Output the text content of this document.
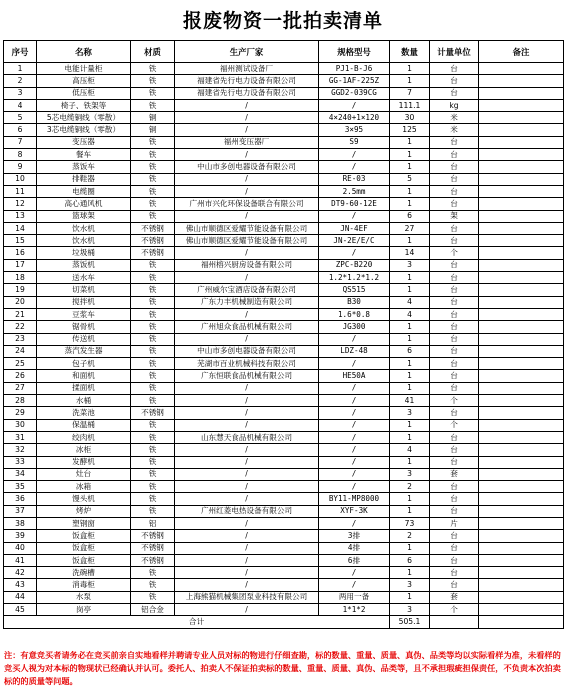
报废物资一批拍卖清单
序号	名称	材质	生产厂家	规格型号	数量	计量单位	备注
1	电能计量柜	铁	福州测试设备厂	PJ1-B-J6	1	台	
2	高压柜	铁	福建省先行电力设备有限公司	GG-1AF-225Z	1	台	
3	低压柜	铁	福建省先行电力设备有限公司	GGD2-039CG	7	台	
4	椅子、铁架等	铁	/	/	111.1	kg	
5	5芯电缆铜线（零散）	铜	/	4×240+1×120	30	米	
6	3芯电缆铜线（零散）	铜	/	3×95	125	米	
7	变压器	铁	福州变压器厂	S9	1	台	
8	餐车	铁	/	/	1	台	
9	蒸饭车	铁	中山市多创电器设备有限公司	/	1	台	
10	排鞋器	铁	/	RE-03	5	台	
11	电缆圈	铁	/	2.5mm	1	台	
12	高心通风机	铁	广州市兴化环保设备联合有限公司	DT9-60-12E	1	台	
13	篮球架	铁	/	/	6	架	
14	饮水机	不锈钢	佛山市顺德区爱耀节能设备有限公司	JN-4EF	27	台	
15	饮水机	不锈钢	佛山市顺德区爱耀节能设备有限公司	JN-2E/E/C	1	台	
16	垃圾桶	不锈钢	/	/	14	个	
17	蒸饭机	铁	福州榕兴厨房设备有限公司	ZPC-B220	3	台	
18	送水车	铁	/	1.2*1.2*1.2	1	台	
19	切菜机	铁	广州威尔宝酒店设备有限公司	QS515	1	台	
20	搅拌机	铁	广东力丰机械制造有限公司	B30	4	台	
21	豆浆车	铁	/	1.6*0.8	4	台	
22	锯骨机	铁	广州旭众食品机械有限公司	JG300	1	台	
23	传送机	铁	/	/	1	台	
24	蒸汽发生器	铁	中山市多创电器设备有限公司	LDZ-48	6	台	
25	包子机	铁	芜湖市百业机械科技有限公司	/	1	台	
26	和面机	铁	广东恒联食品机械有限公司	HE50A	1	台	
27	揉面机	铁	/	/	1	台	
28	水桶	铁	/	/	41	个	
29	洗菜池	不锈钢	/	/	3	台	
30	保温桶	铁	/	/	1	个	
31	绞肉机	铁	山东慧天食品机械有限公司	/	1	台	
32	冰柜	铁	/	/	4	台	
33	发酵机	铁	/	/	1	台	
34	灶台	铁	/	/	3	套	
35	冰箱	铁	/	/	2	台	
36	馒头机	铁	/	BY11-MP8000	1	台	
37	烤炉	铁	广州红菱电热设备有限公司	XYF-3K	1	台	
38	塑钢窗	铝	/	/	73	片	
39	饭盒柜	不锈钢	/	3排	2	台	
40	饭盒柜	不锈钢	/	4排	1	台	
41	饭盒柜	不锈钢	/	6排	6	台	
42	洗碗槽	铁	/	/	1	台	
43	消毒柜	铁	/	/	3	台	
44	水泵	铁	上海熊猫机械集团泵业科技有限公司	两用一备	1	套	
45	岗亭	铝合金	/	1*1*2	3	个	
合计					505.1		
注：有意竞买者请务必在竞买前亲自实地看样并聘请专业人员对标的物进行仔细查勘，标的数量、重量、质量、真伪、品类等均以实际看样为准，未看样的竞买人视为对本标的物现状已经确认并认可。委托人、拍卖人不保证拍卖标的数量、重量、质量、真伪、品类等，且不承担瑕疵担保责任，不负责本次拍卖标的的质量等问题。
